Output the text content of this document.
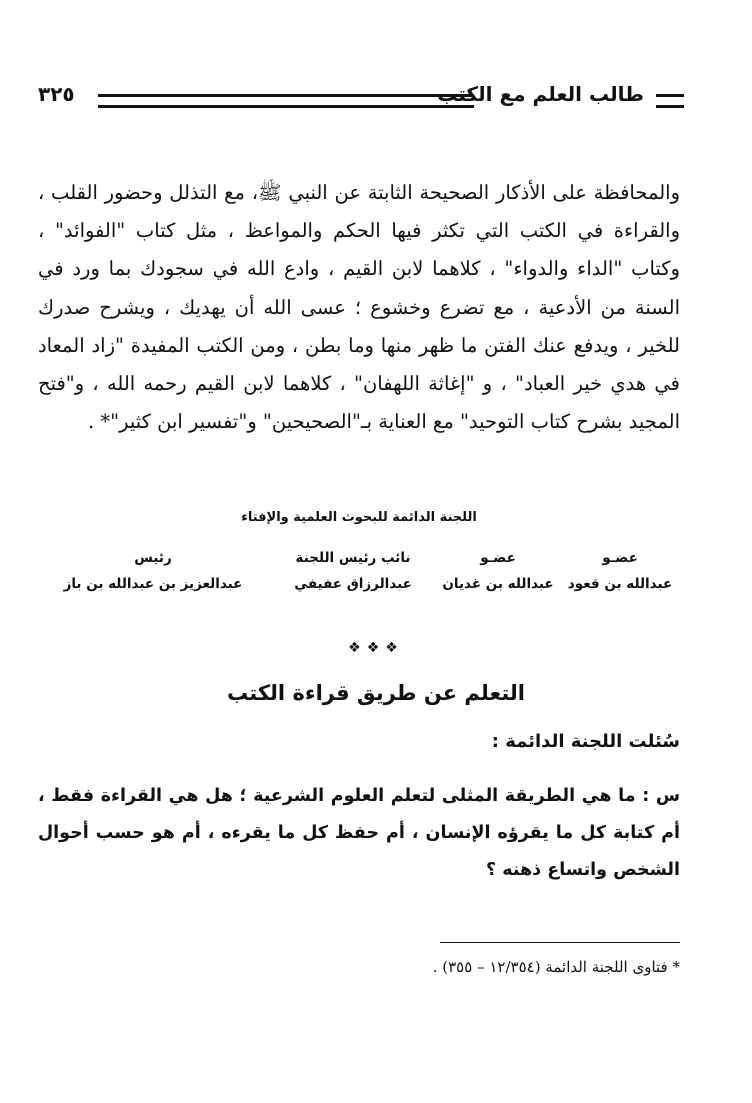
طالب العلم مع الكتب
٣٢٥

والمحافظة على الأذكار الصحيحة الثابتة عن النبي ﷺ، مع التذلل وحضور القلب ، والقراءة في الكتب التي تكثر فيها الحكم والمواعظ ، مثل كتاب "الفوائد" ، وكتاب "الداء والدواء" ، كلاهما لابن القيم ، وادع الله في سجودك بما ورد في السنة من الأدعية ، مع تضرع وخشوع ؛ عسى الله أن يهديك ، ويشرح صدرك للخير ، ويدفع عنك الفتن ما ظهر منها وما بطن ، ومن الكتب المفيدة "زاد المعاد في هدي خير العباد" ، و "إغاثة اللهفان" ، كلاهما لابن القيم رحمه الله ، و"فتح المجيد بشرح كتاب التوحيد" مع العناية بـ"الصحيحين" و"تفسير ابن كثير"* .

اللجنة الدائمة للبحوث العلمية والإفتاء
عضـو
عبدالله بن قعود
عضـو
عبدالله بن غديان
نائب رئيس اللجنة
عبدالرزاق عفيفي
رئيس
عبدالعزيز بن عبدالله بن باز
❖❖❖
التعلم عن طريق قراءة الكتب
سُئلت اللجنة الدائمة :
س : ما هي الطريقة المثلى لتعلم العلوم الشرعية ؛ هل هي القراءة فقط ، أم كتابة كل ما يقرؤه الإنسان ، أم حفظ كل ما يقرءه ، أم هو حسب أحوال الشخص واتساع ذهنه ؟
* فتاوى اللجنة الدائمة (١٢/٣٥٤ – ٣٥٥) .
